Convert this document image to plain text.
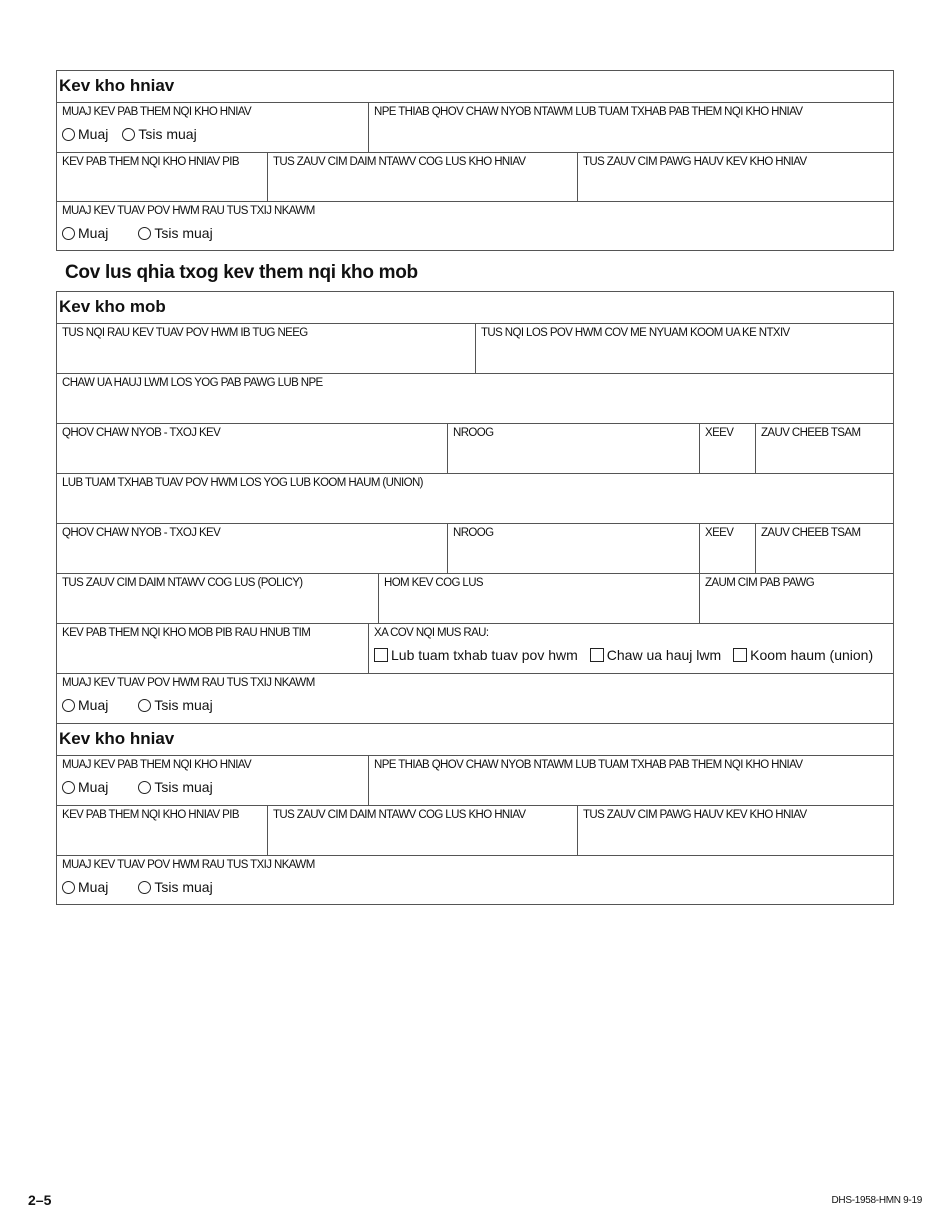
Kev kho hniav
MUAJ KEV PAB THEM NQI KHO HNIAV
Muaj Tsis muaj
NPE THIAB QHOV CHAW NYOB NTAWM LUB TUAM TXHAB PAB THEM NQI KHO HNIAV
KEV PAB THEM NQI KHO HNIAV PIB	TUS ZAUV CIM DAIM NTAWV COG LUS KHO HNIAV	TUS ZAUV CIM PAWG HAUV KEV KHO HNIAV
MUAJ KEV TUAV POV HWM RAU TUS TXIJ NKAWM
Muaj	Tsis muaj
Cov lus qhia txog kev them nqi kho mob
Kev kho mob
TUS NQI RAU KEV TUAV POV HWM IB TUG NEEG	TUS NQI LOS POV HWM COV ME NYUAM KOOM UA KE NTXIV
CHAW UA HAUJ LWM LOS YOG PAB PAWG LUB NPE
QHOV CHAW NYOB - TXOJ KEV	NROOG	XEEV	ZAUV CHEEB TSAM
LUB TUAM TXHAB TUAV POV HWM LOS YOG LUB KOOM HAUM (UNION)
QHOV CHAW NYOB - TXOJ KEV	NROOG	XEEV	ZAUV CHEEB TSAM
TUS ZAUV CIM DAIM NTAWV COG LUS (POLICY)	HOM KEV COG LUS	ZAUM CIM PAB PAWG
KEV PAB THEM NQI KHO MOB PIB RAU HNUB TIM	XA COV NQI MUS RAU:
Lub tuam txhab tuav pov hwm Chaw ua hauj lwm Koom haum (union)
MUAJ KEV TUAV POV HWM RAU TUS TXIJ NKAWM
Muaj	Tsis muaj
Kev kho hniav
MUAJ KEV PAB THEM NQI KHO HNIAV
Muaj	Tsis muaj
NPE THIAB QHOV CHAW NYOB NTAWM LUB TUAM TXHAB PAB THEM NQI KHO HNIAV
KEV PAB THEM NQI KHO HNIAV PIB	TUS ZAUV CIM DAIM NTAWV COG LUS KHO HNIAV	TUS ZAUV CIM PAWG HAUV KEV KHO HNIAV
MUAJ KEV TUAV POV HWM RAU TUS TXIJ NKAWM
Muaj	Tsis muaj
2–5	DHS-1958-HMN 9-19
